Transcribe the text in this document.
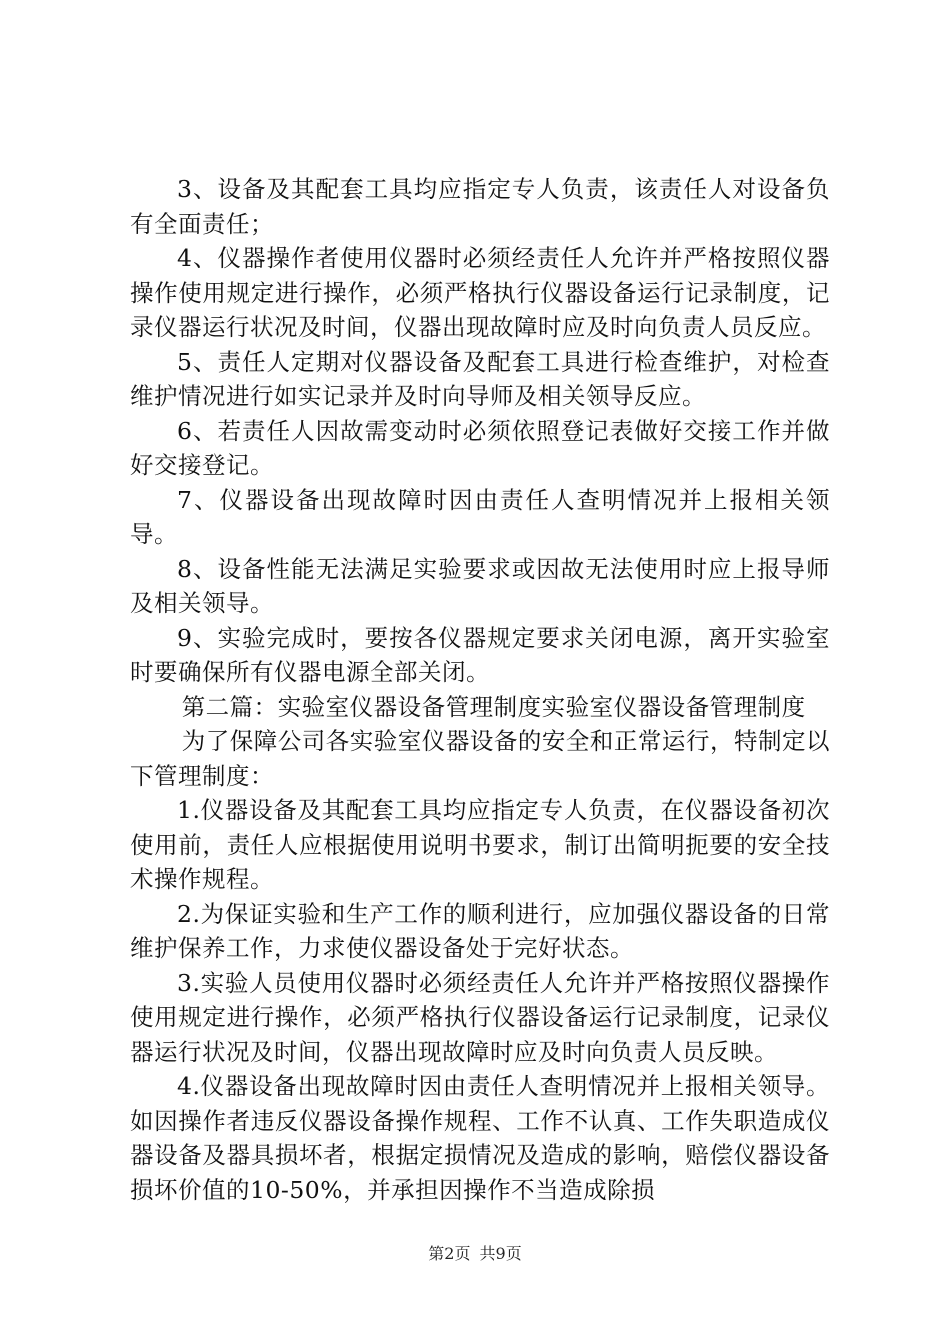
3、设备及其配套工具均应指定专人负责，该责任人对设备负有全面责任；

4、仪器操作者使用仪器时必须经责任人允许并严格按照仪器操作使用规定进行操作，必须严格执行仪器设备运行记录制度，记录仪器运行状况及时间，仪器出现故障时应及时向负责人员反应。

5、责任人定期对仪器设备及配套工具进行检查维护，对检查维护情况进行如实记录并及时向导师及相关领导反应。

6、若责任人因故需变动时必须依照登记表做好交接工作并做好交接登记。

7、仪器设备出现故障时因由责任人查明情况并上报相关领导。

8、设备性能无法满足实验要求或因故无法使用时应上报导师及相关领导。

9、实验完成时，要按各仪器规定要求关闭电源，离开实验室时要确保所有仪器电源全部关闭。

第二篇：实验室仪器设备管理制度实验室仪器设备管理制度

为了保障公司各实验室仪器设备的安全和正常运行，特制定以下管理制度：

1.仪器设备及其配套工具均应指定专人负责，在仪器设备初次使用前，责任人应根据使用说明书要求，制订出简明扼要的安全技术操作规程。

2.为保证实验和生产工作的顺利进行，应加强仪器设备的日常维护保养工作，力求使仪器设备处于完好状态。

3.实验人员使用仪器时必须经责任人允许并严格按照仪器操作使用规定进行操作，必须严格执行仪器设备运行记录制度，记录仪器运行状况及时间，仪器出现故障时应及时向负责人员反映。

4.仪器设备出现故障时因由责任人查明情况并上报相关领导。如因操作者违反仪器设备操作规程、工作不认真、工作失职造成仪器设备及器具损坏者，根据定损情况及造成的影响，赔偿仪器设备损坏价值的10-50%，并承担因操作不当造成除损

第2页 共9页
